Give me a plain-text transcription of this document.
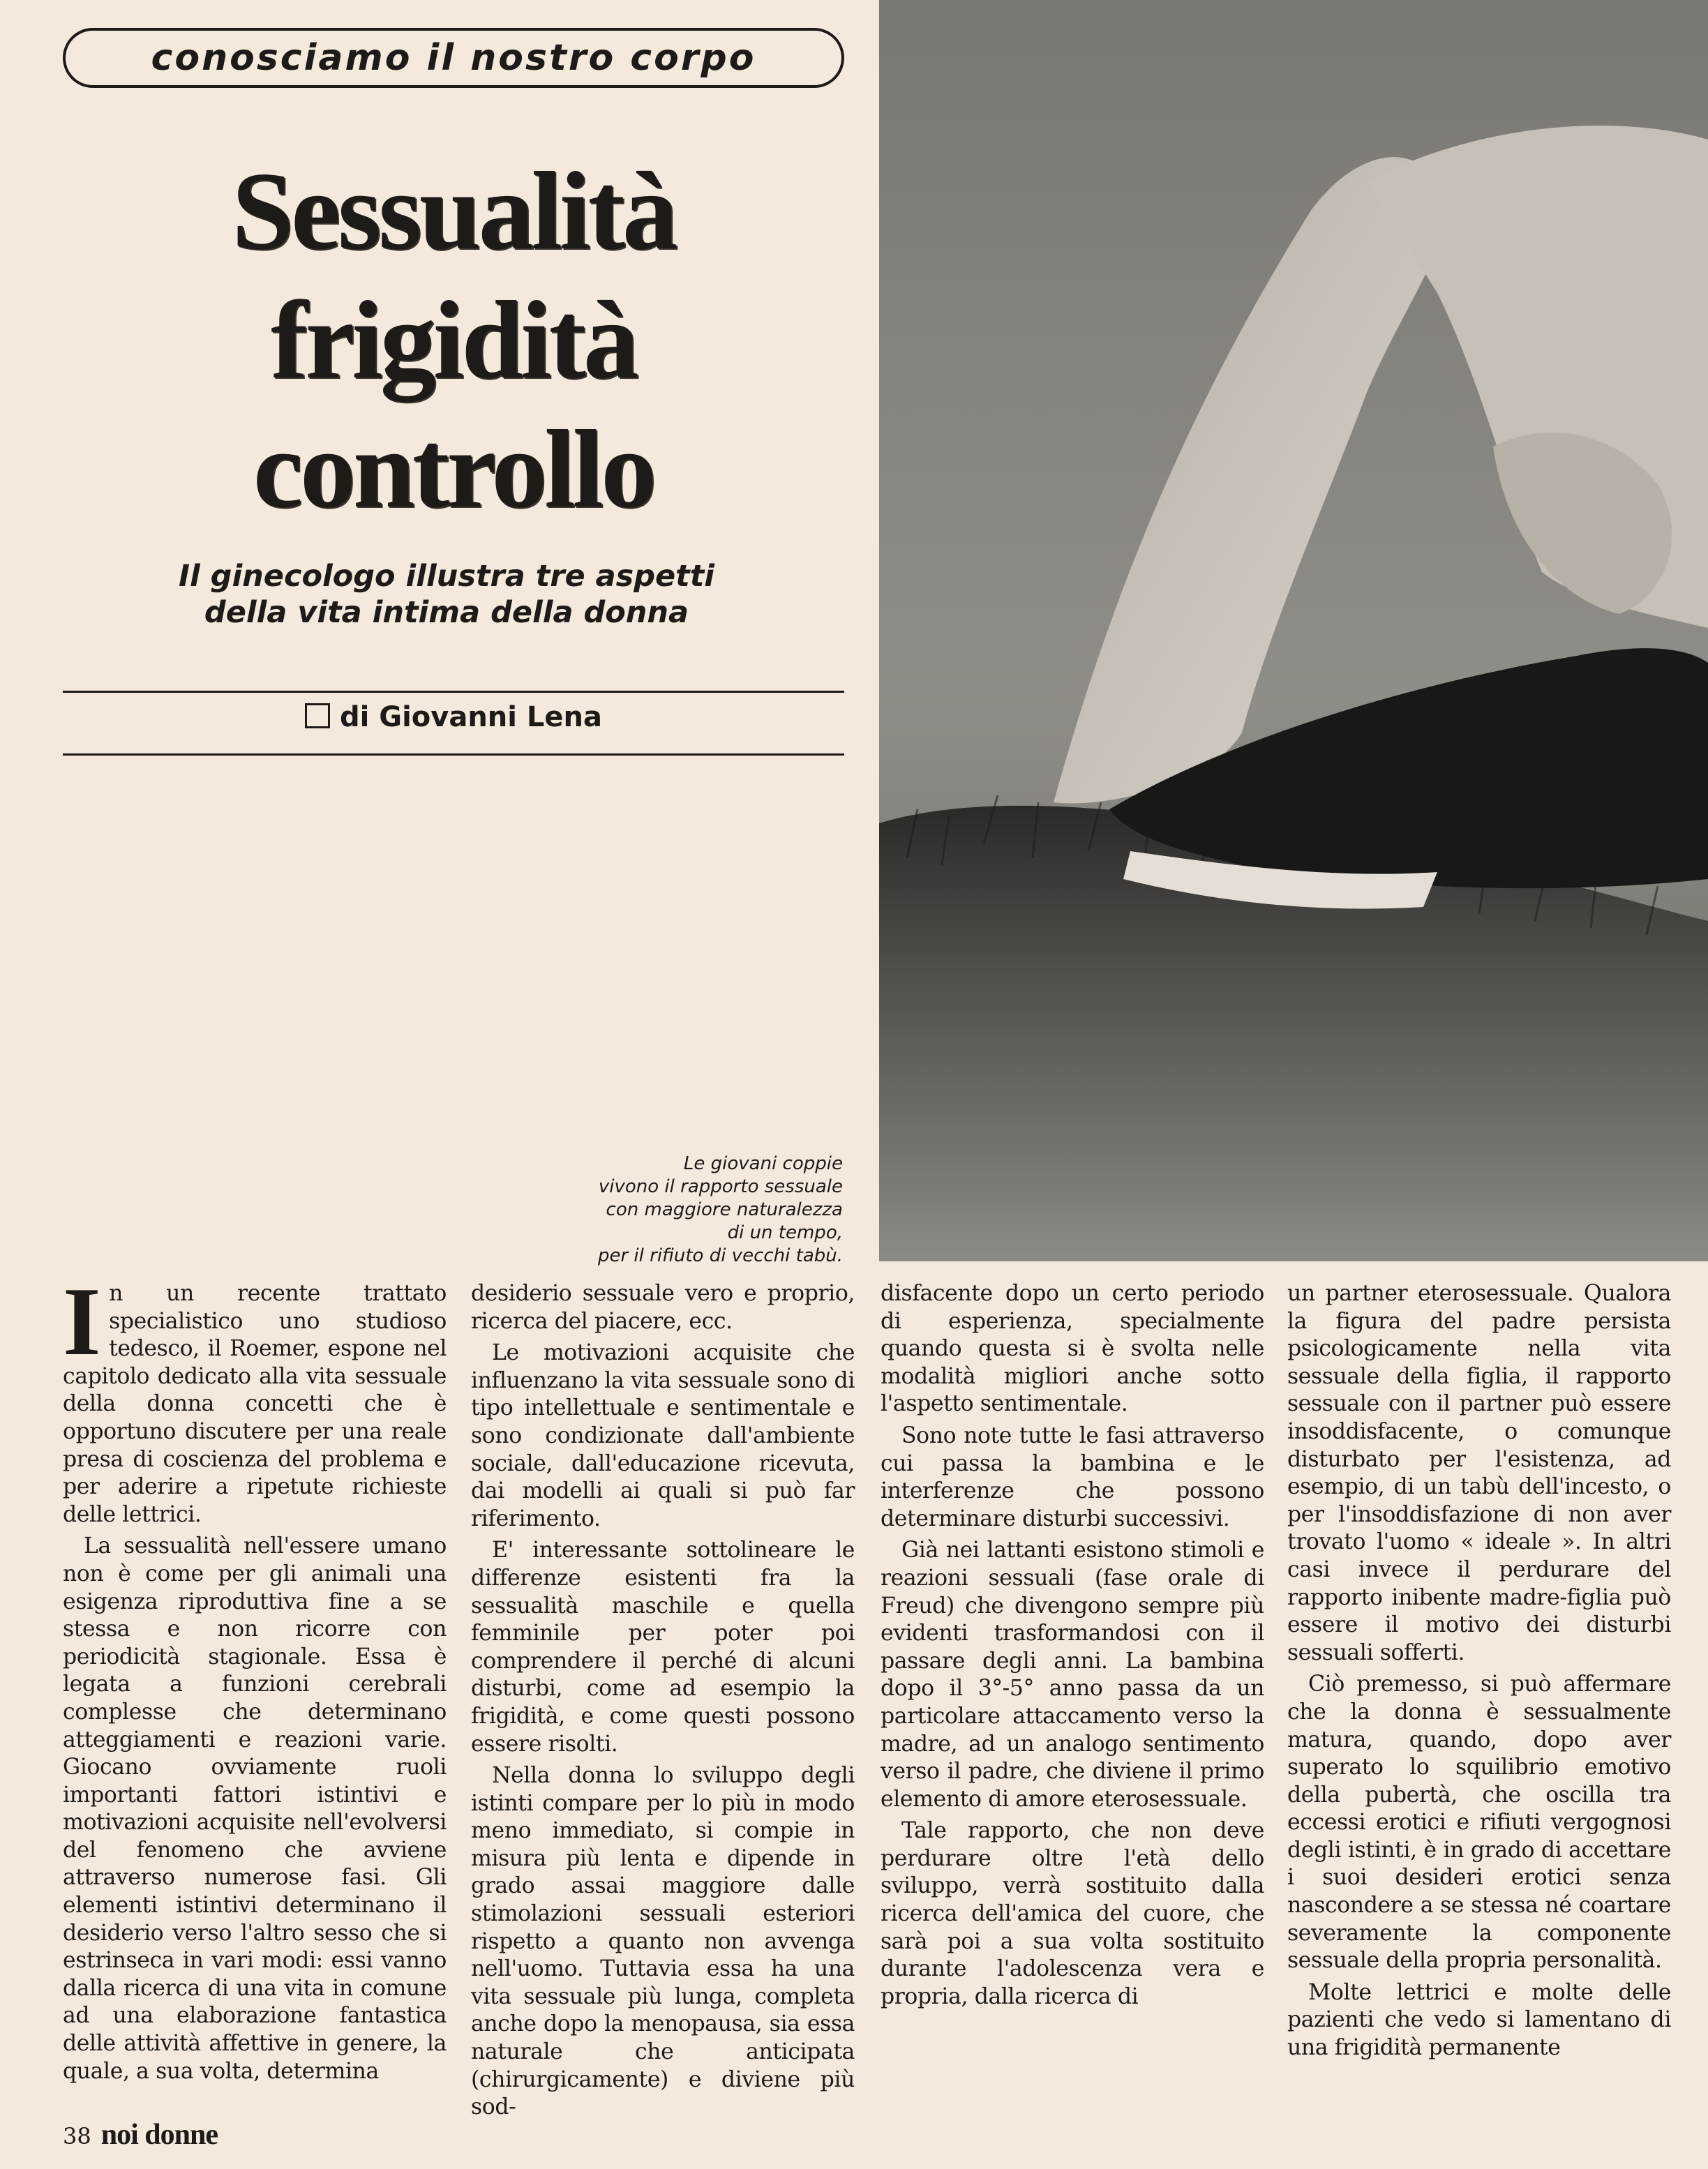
conosciamo il nostro corpo
Sessualità
frigidità
controllo
Il ginecologo illustra tre aspetti
della vita intima della donna
di Giovanni Lena
Le giovani coppie
vivono il rapporto sessuale
con maggiore naturalezza
di un tempo,
per il rifiuto di vecchi tabù.

In un recente trattato specialistico uno studioso tedesco, il Roemer, espone nel capitolo dedicato alla vita sessuale della donna concetti che è opportuno discutere per una reale presa di coscienza del problema e per aderire a ripetute richieste delle lettrici.

La sessualità nell'essere umano non è come per gli animali una esigenza riproduttiva fine a se stessa e non ricorre con periodicità stagionale. Essa è legata a funzioni cerebrali complesse che determinano atteggiamenti e reazioni varie. Giocano ovviamente ruoli importanti fattori istintivi e motivazioni acquisite nell'evolversi del fenomeno che avviene attraverso numerose fasi. Gli elementi istintivi determinano il desiderio verso l'altro sesso che si estrinseca in vari modi: essi vanno dalla ricerca di una vita in comune ad una elaborazione fantastica delle attività affettive in genere, la quale, a sua volta, determina

desiderio sessuale vero e proprio, ricerca del piacere, ecc.

Le motivazioni acquisite che influenzano la vita sessuale sono di tipo intellettuale e sentimentale e sono condizionate dall'ambiente sociale, dall'educazione ricevuta, dai modelli ai quali si può far riferimento.

E' interessante sottolineare le differenze esistenti fra la sessualità maschile e quella femminile per poter poi comprendere il perché di alcuni disturbi, come ad esempio la frigidità, e come questi possono essere risolti.

Nella donna lo sviluppo degli istinti compare per lo più in modo meno immediato, si compie in misura più lenta e dipende in grado assai maggiore dalle stimolazioni sessuali esteriori rispetto a quanto non avvenga nell'uomo. Tuttavia essa ha una vita sessuale più lunga, completa anche dopo la menopausa, sia essa naturale che anticipata (chirurgicamente) e diviene più sod-

disfacente dopo un certo periodo di esperienza, specialmente quando questa si è svolta nelle modalità migliori anche sotto l'aspetto sentimentale.

Sono note tutte le fasi attraverso cui passa la bambina e le interferenze che possono determinare disturbi successivi.

Già nei lattanti esistono stimoli e reazioni sessuali (fase orale di Freud) che divengono sempre più evidenti trasformandosi con il passare degli anni. La bambina dopo il 3°-5° anno passa da un particolare attaccamento verso la madre, ad un analogo sentimento verso il padre, che diviene il primo elemento di amore eterosessuale.

Tale rapporto, che non deve perdurare oltre l'età dello sviluppo, verrà sostituito dalla ricerca dell'amica del cuore, che sarà poi a sua volta sostituito durante l'adolescenza vera e propria, dalla ricerca di

un partner eterosessuale. Qualora la figura del padre persista psicologicamente nella vita sessuale della figlia, il rapporto sessuale con il partner può essere insoddisfacente, o comunque disturbato per l'esistenza, ad esempio, di un tabù dell'incesto, o per l'insoddisfazione di non aver trovato l'uomo « ideale ». In altri casi invece il perdurare del rapporto inibente madre-figlia può essere il motivo dei disturbi sessuali sofferti.

Ciò premesso, si può affermare che la donna è sessualmente matura, quando, dopo aver superato lo squilibrio emotivo della pubertà, che oscilla tra eccessi erotici e rifiuti vergognosi degli istinti, è in grado di accettare i suoi desideri erotici senza nascondere a se stessa né coartare severamente la componente sessuale della propria personalità.

Molte lettrici e molte delle pazienti che vedo si lamentano di una frigidità permanente

38 noi donne
